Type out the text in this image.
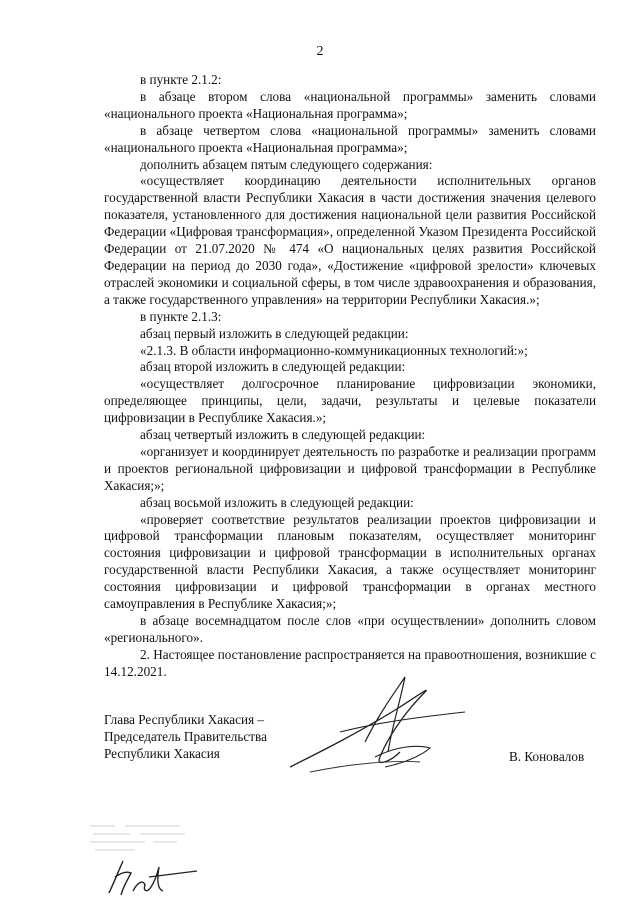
2

в пункте 2.1.2:

в абзаце втором слова «национальной программы» заменить словами «национального проекта «Национальная программа»;

в абзаце четвертом слова «национальной программы» заменить словами «национального проекта «Национальная программа»;

дополнить абзацем пятым следующего содержания:

«осуществляет координацию деятельности исполнительных органов государственной власти Республики Хакасия в части достижения значения целевого показателя, установленного для достижения национальной цели развития Российской Федерации «Цифровая трансформация», определенной Указом Президента Российской Федерации от 21.07.2020 № 474 «О национальных целях развития Российской Федерации на период до 2030 года», «Достижение «цифровой зрелости» ключевых отраслей экономики и социальной сферы, в том числе здравоохранения и образования, а также государственного управления» на территории Республики Хакасия.»;

в пункте 2.1.3:

абзац первый изложить в следующей редакции:

«2.1.3. В области информационно-коммуникационных технологий:»;

абзац второй изложить в следующей редакции:

«осуществляет долгосрочное планирование цифровизации экономики, определяющее принципы, цели, задачи, результаты и целевые показатели цифровизации в Республике Хакасия.»;

абзац четвертый изложить в следующей редакции:

«организует и координирует деятельность по разработке и реализации программ и проектов региональной цифровизации и цифровой трансформации в Республике Хакасия;»;

абзац восьмой изложить в следующей редакции:

«проверяет соответствие результатов реализации проектов цифровизации и цифровой трансформации плановым показателям, осуществляет мониторинг состояния цифровизации и цифровой трансформации в исполнительных органах государственной власти Республики Хакасия, а также осуществляет мониторинг состояния цифровизации и цифровой трансформации в органах местного самоуправления в Республике Хакасия;»;

в абзаце восемнадцатом после слов «при осуществлении» дополнить словом «регионального».

2. Настоящее постановление распространяется на правоотношения, возникшие с 14.12.2021.

Глава Республики Хакасия –
Председатель Правительства
Республики Хакасия	В. Коновалов
